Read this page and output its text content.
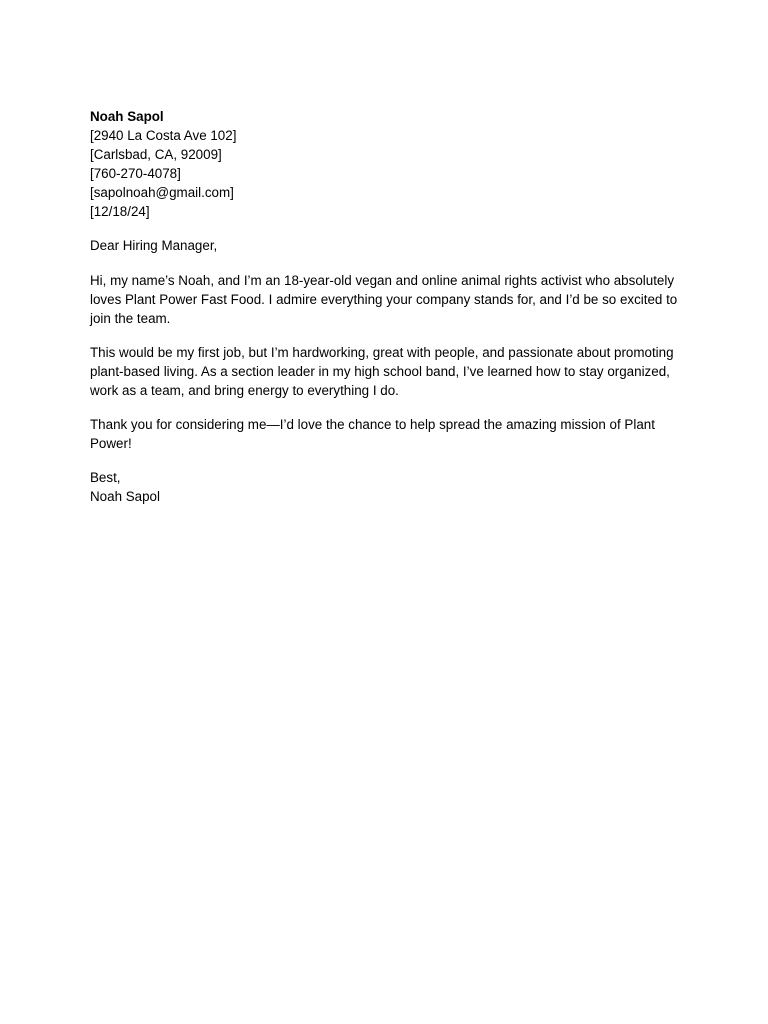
Noah Sapol
[2940 La Costa Ave 102]
[Carlsbad, CA, 92009]
[760-270-4078]
[sapolnoah@gmail.com]
[12/18/24]
Dear Hiring Manager,

Hi, my name’s Noah, and I’m an 18-year-old vegan and online animal rights activist who absolutely loves Plant Power Fast Food. I admire everything your company stands for, and I’d be so excited to join the team.

This would be my first job, but I’m hardworking, great with people, and passionate about promoting plant-based living. As a section leader in my high school band, I’ve learned how to stay organized, work as a team, and bring energy to everything I do.

Thank you for considering me—I’d love the chance to help spread the amazing mission of Plant Power!

Best,
Noah Sapol
